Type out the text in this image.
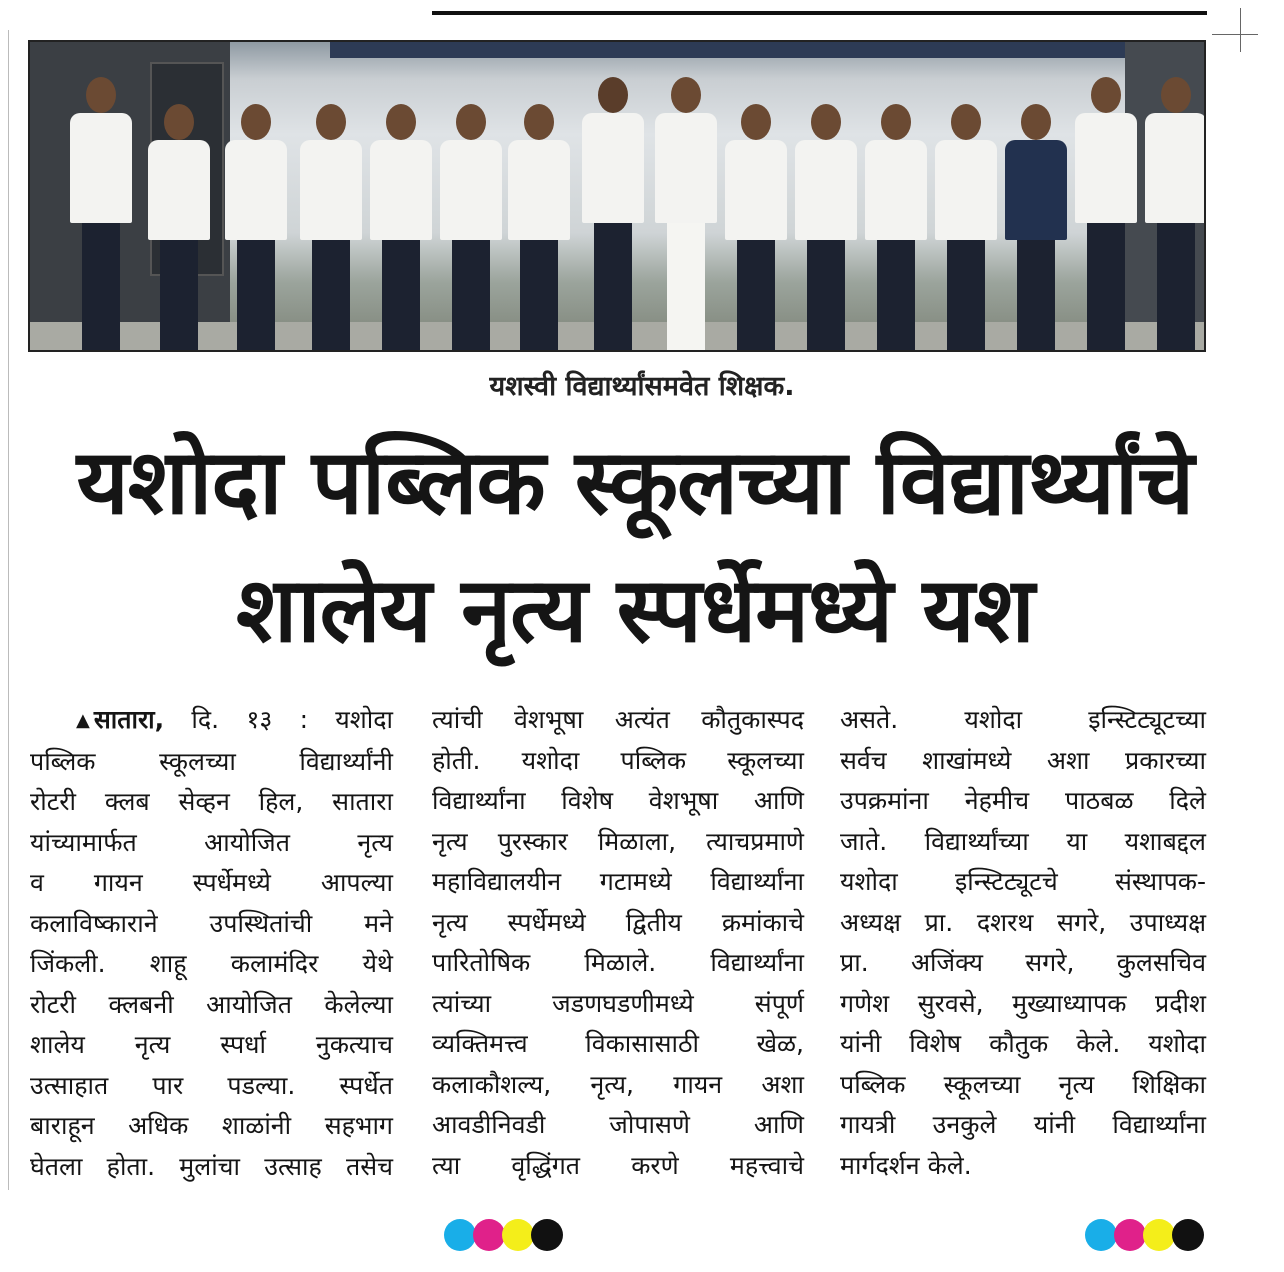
यशस्वी विद्यार्थ्यांसमवेत शिक्षक.
यशोदा पब्लिक स्कूलच्या विद्यार्थ्यांचे
शालेय नृत्य स्पर्धेमध्ये यश
▲ सातारा, दि. १३ : यशोदा
पब्लिक स्कूलच्या विद्यार्थ्यांनी
रोटरी क्लब सेव्हन हिल, सातारा
यांच्यामार्फत आयोजित नृत्य
व गायन स्पर्धेमध्ये आपल्या
कलाविष्काराने उपस्थितांची मने
जिंकली. शाहू कलामंदिर येथे
रोटरी क्लबनी आयोजित केलेल्या
शालेय नृत्य स्पर्धा नुकत्याच
उत्साहात पार पडल्या. स्पर्धेत
बाराहून अधिक शाळांनी सहभाग
घेतला होता. मुलांचा उत्साह तसेच
त्यांची वेशभूषा अत्यंत कौतुकास्पद
होती. यशोदा पब्लिक स्कूलच्या
विद्यार्थ्यांना विशेष वेशभूषा आणि
नृत्य पुरस्कार मिळाला, त्याचप्रमाणे
महाविद्यालयीन गटामध्ये विद्यार्थ्यांना
नृत्य स्पर्धेमध्ये द्वितीय क्रमांकाचे
पारितोषिक मिळाले. विद्यार्थ्यांना
त्यांच्या जडणघडणीमध्ये संपूर्ण
व्यक्तिमत्त्व विकासासाठी खेळ,
कलाकौशल्य, नृत्य, गायन अशा
आवडीनिवडी जोपासणे आणि
त्या वृद्धिंगत करणे महत्त्वाचे
असते. यशोदा इन्स्टिट्यूटच्या
सर्वच शाखांमध्ये अशा प्रकारच्या
उपक्रमांना नेहमीच पाठबळ दिले
जाते. विद्यार्थ्यांच्या या यशाबद्दल
यशोदा इन्स्टिट्यूटचे संस्थापक-
अध्यक्ष प्रा. दशरथ सगरे, उपाध्यक्ष
प्रा. अजिंक्य सगरे, कुलसचिव
गणेश सुरवसे, मुख्याध्यापक प्रदीश
यांनी विशेष कौतुक केले. यशोदा
पब्लिक स्कूलच्या नृत्य शिक्षिका
गायत्री उनकुले यांनी विद्यार्थ्यांना
मार्गदर्शन केले.
